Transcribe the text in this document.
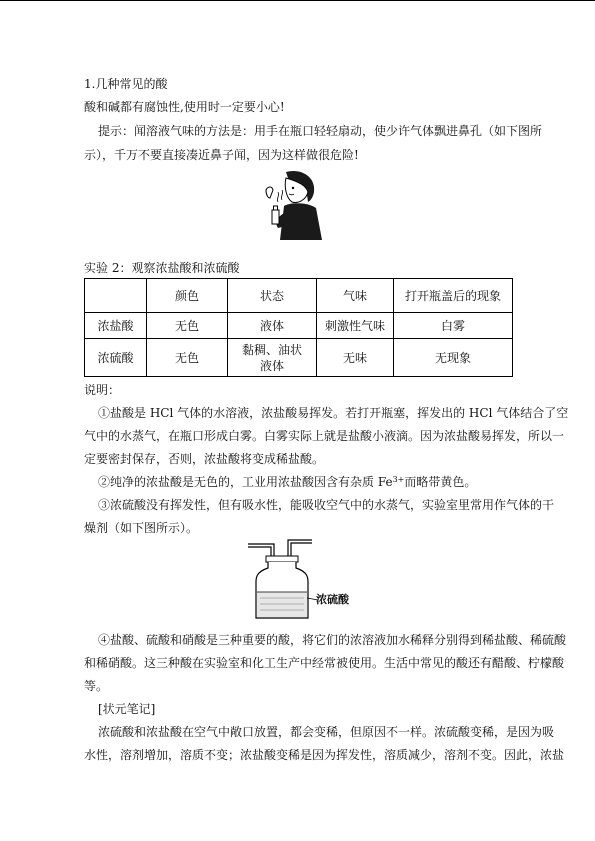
1.几种常见的酸
酸和碱都有腐蚀性,使用时一定要小心!
提示：闻溶液气味的方法是：用手在瓶口轻轻扇动，使少许气体飘进鼻孔（如下图所
示），千万不要直接凑近鼻子闻，因为这样做很危险!
实验 2：观察浓盐酸和浓硫酸
	颜色	状态	气味	打开瓶盖后的现象
浓盐酸	无色	液体	刺激性气味	白雾
浓硫酸	无色	黏稠、油状液体	无味	无现象
说明：
①盐酸是 HCl 气体的水溶液，浓盐酸易挥发。若打开瓶塞，挥发出的 HCl 气体结合了空
气中的水蒸气，在瓶口形成白雾。白雾实际上就是盐酸小液滴。因为浓盐酸易挥发，所以一
定要密封保存，否则，浓盐酸将变成稀盐酸。
②纯净的浓盐酸是无色的，工业用浓盐酸因含有杂质 $Fe^{3+}$而略带黄色。
③浓硫酸没有挥发性，但有吸水性，能吸收空气中的水蒸气，实验室里常用作气体的干
燥剂（如下图所示）。
浓硫酸
④盐酸、硫酸和硝酸是三种重要的酸，将它们的浓溶液加水稀释分别得到稀盐酸、稀硫酸
和稀硝酸。这三种酸在实验室和化工生产中经常被使用。生活中常见的酸还有醋酸、柠檬酸
等。
[状元笔记]
浓硫酸和浓盐酸在空气中敞口放置，都会变稀，但原因不一样。浓硫酸变稀，是因为吸
水性，溶剂增加，溶质不变；浓盐酸变稀是因为挥发性，溶质减少，溶剂不变。因此，浓盐
